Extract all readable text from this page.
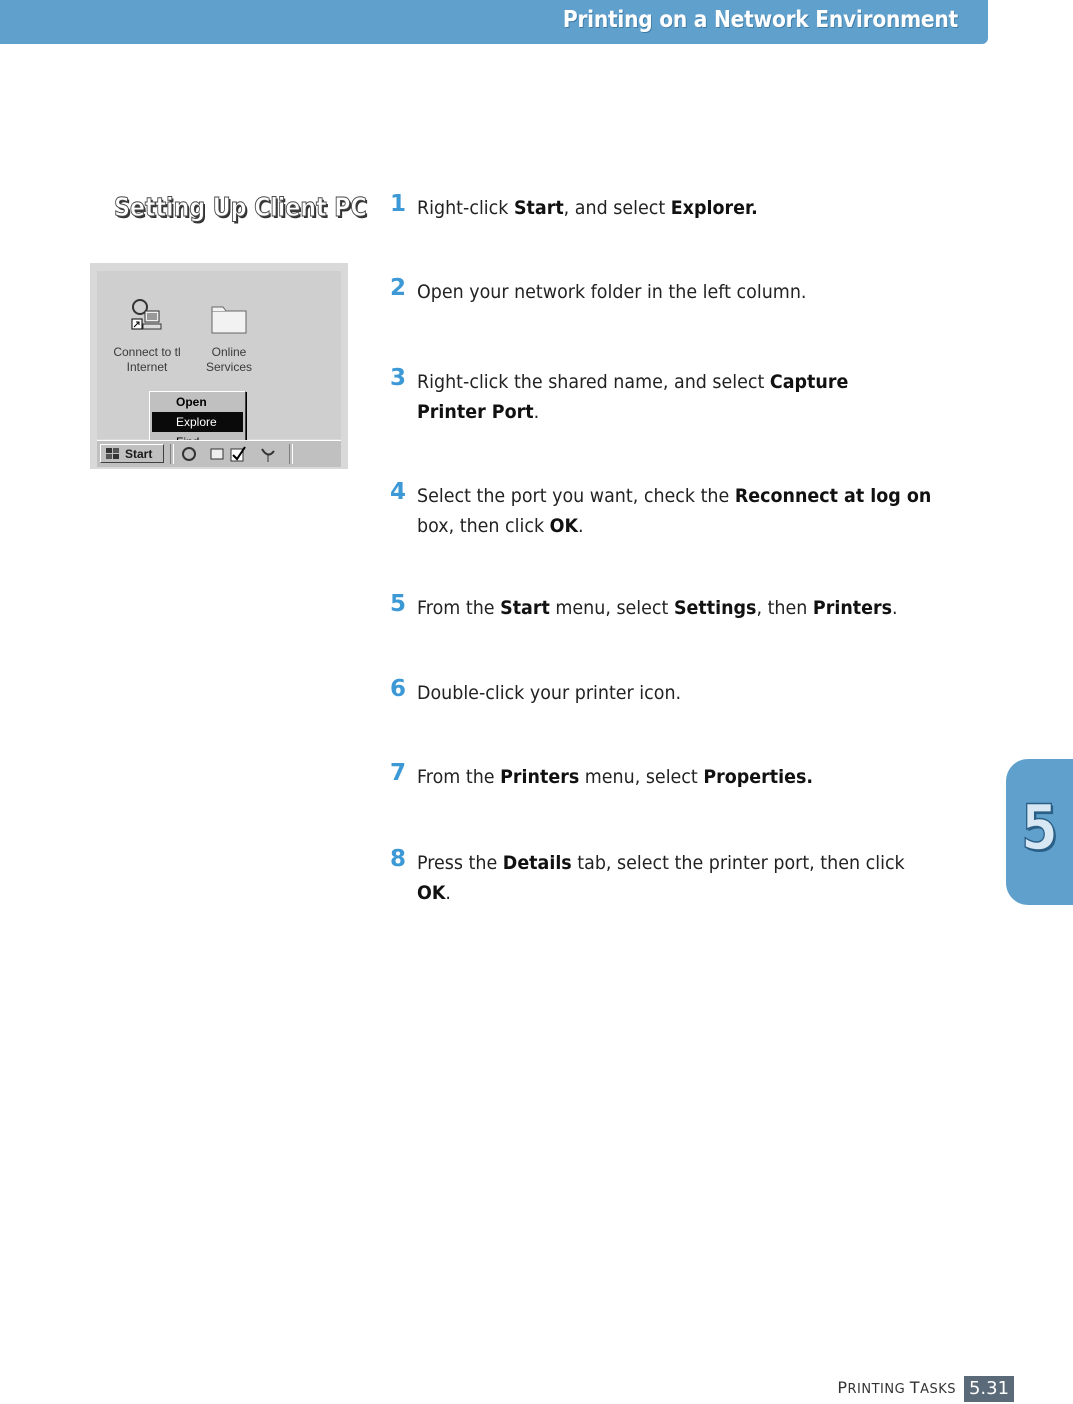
Printing on a Network Environment
Setting Up Client PC
Connect to tl
Internet
Online
Services
Open
Explore
Start
1 Right-click Start, and select Explorer.
2 Open your network folder in the left column.
3 Right-click the shared name, and select Capture Printer Port.
4 Select the port you want, check the Reconnect at log on box, then click OK.
5 From the Start menu, select Settings, then Printers.
6 Double-click your printer icon.
7 From the Printers menu, select Properties.
8 Press the Details tab, select the printer port, then click OK.
5
PRINTING TASKS 5.31
